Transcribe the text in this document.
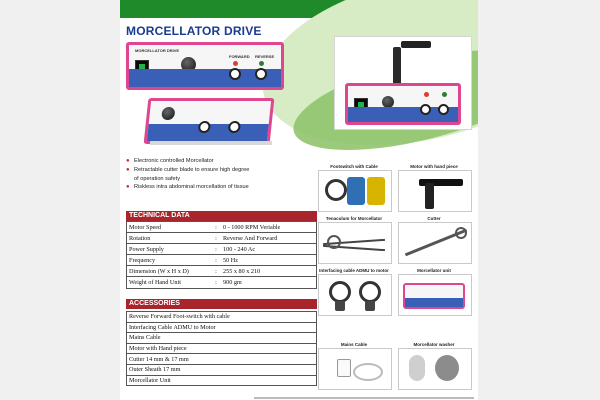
MORCELLATOR DRIVE
MORCELLATOR DRIVE
FORWARD REVERSE
● Electronic controlled Morcellator
● Retractable cutter blade to ensure high degree
of operation safety
● Riskless intra abdominal morcellation of tissue
TECHNICAL DATA
Motor Speed	:	0 - 1000 RPM Veriable
Rotation	:	Reverse And Forward
Power Supply	:	100 - 240 Ac
Frequency	:	50 Hz
Dimension (W x H x D)	:	255 x 80 x 210
Weight of Hand Unit	:	900 gm
ACCESSORIES
Reverse Forward Foot-switch with cable
Interfacing Cable ADMU to Motor
Mains Cable
Motor with Hand piece
Cutter 14 mm & 17 mm
Outer Sheath 17 mm
Morcellator Unit
Footswitch with Cable	Motor with hand piece
Tenaculum for Morcellator	Cutter
Interfacing cable ADMU to motor	Morcellator unit
Mains Cable	Morcellator washer
